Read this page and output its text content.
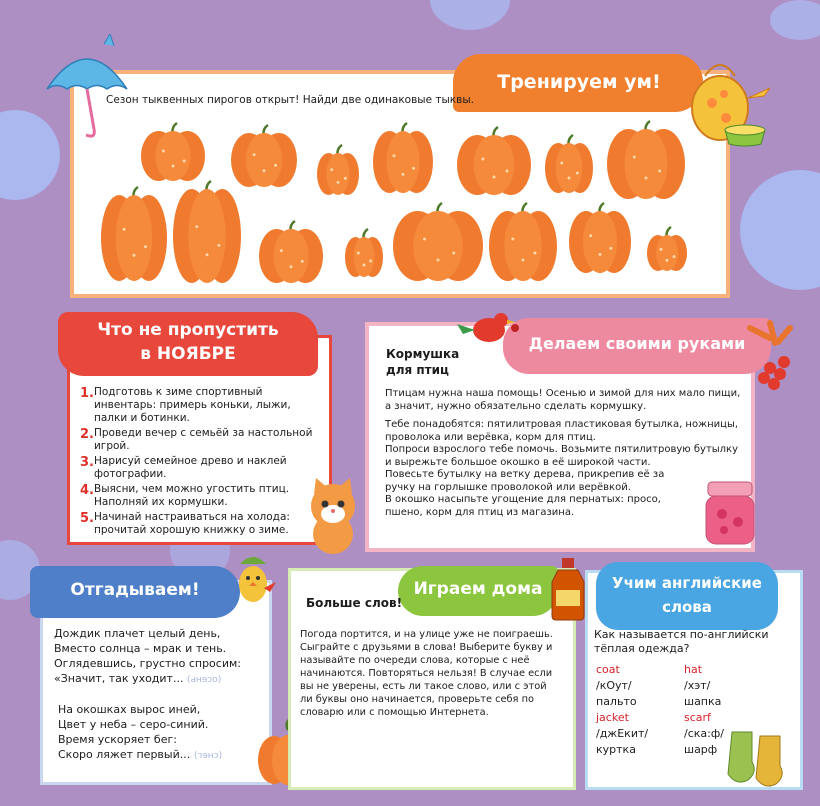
Тренируем ум!
Сезон тыквенных пирогов открыт! Найди две одинаковые тыквы.
Что не пропустить
в НОЯБРЕ
1. Подготовь к зиме спортивный инвентарь: примерь коньки, лыжи, палки и ботинки.
2. Проведи вечер с семьёй за настольной игрой.
3. Нарисуй семейное древо и наклей фотографии.
4. Выясни, чем можно угостить птиц. Наполняй их кормушки.
5. Начинай настраиваться на холода: прочитай хорошую книжку о зиме.
Делаем своими руками
Кормушка для птиц

Птицам нужна наша помощь! Осенью и зимой для них мало пищи, а значит, нужно обязательно сделать кормушку.

Тебе понадобятся: пятилитровая пластиковая бутылка, ножницы, проволока или верёвка, корм для птиц.

Попроси взрослого тебе помочь. Возьмите пятилитровую бутылку и вырежьте большое окошко в её широкой части.

Повесьте бутылку на ветку дерева, прикрепив её за ручку на горлышке проволокой или верёвкой.

В окошко насыпьте угощение для пернатых: просо, пшено, корм для птиц из магазина.

Отгадываем!
Дождик плачет целый день,
Вместо солнца – мрак и тень.
Оглядевшись, грустно спросим:
«Значит, так уходит... (осень)
На окошках вырос иней,
Цвет у неба – серо-синий.
Время ускоряет бег:
Скоро ляжет первый... (снег)
Играем дома
Больше слов!
Погода портится, и на улице уже не поиграешь. Сыграйте с друзьями в слова! Выберите букву и называйте по очереди слова, которые с неё начинаются. Повторяться нельзя! В случае если вы не уверены, есть ли такое слово, или с этой ли буквы оно начинается, проверьте себя по словарю или с помощью Интернета.
Учим английские
слова
Как называется по-английски тёплая одежда?
coat
/кОут/
пальто
jacket
/джЕкит/
куртка
hat
/хэт/
шапка
scarf
/ска:ф/
шарф
